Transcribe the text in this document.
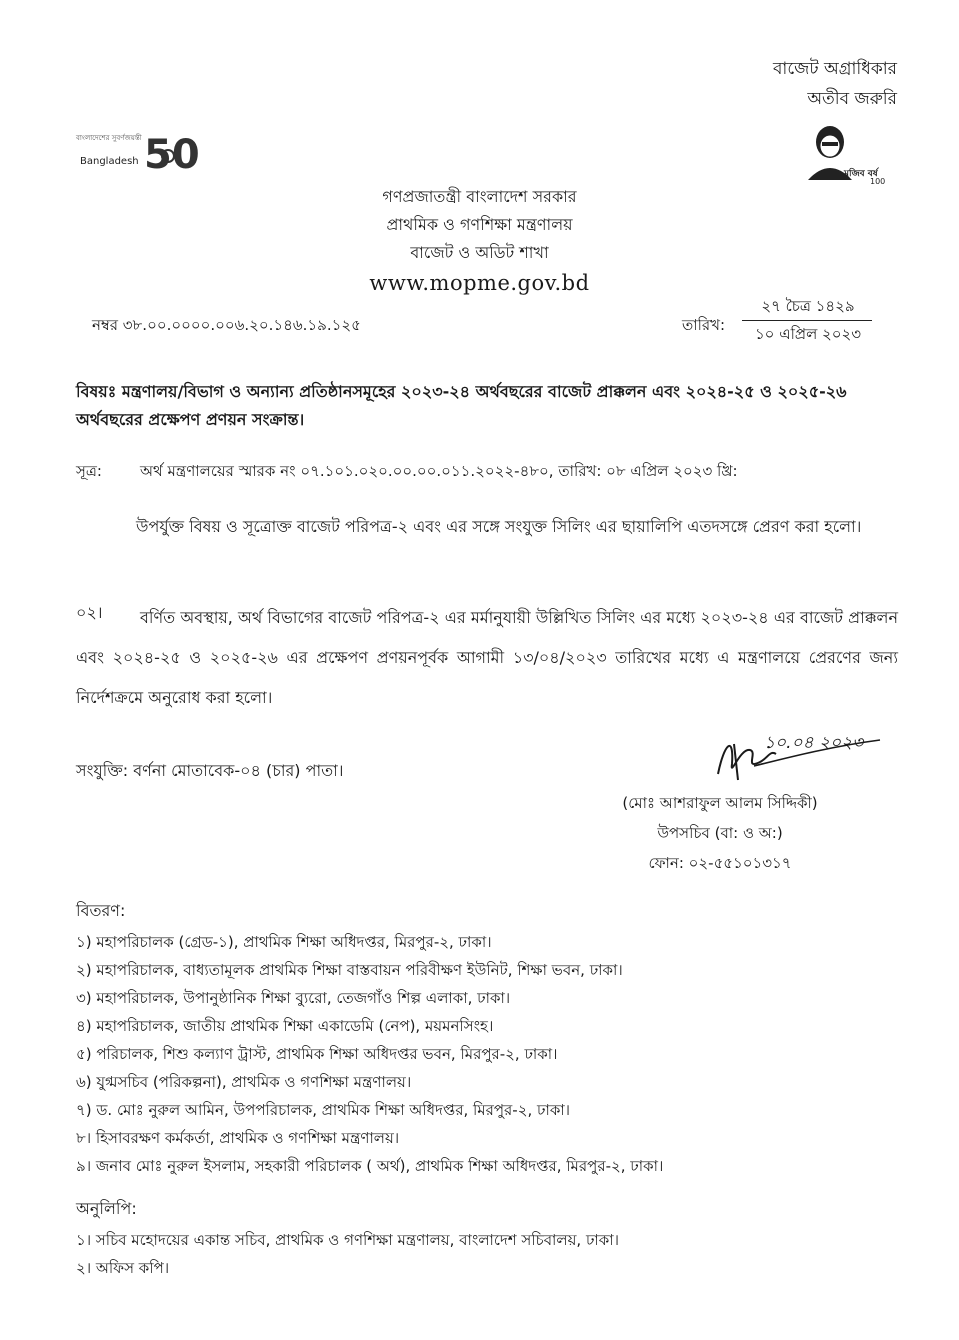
বাজেট অগ্রাধিকার
অতীব জরুরি
বাংলাদেশের সুবর্ণজয়ন্তী
Bangladesh 50	মুজিব বর্ষ
100
গণপ্রজাতন্ত্রী বাংলাদেশ সরকার
প্রাথমিক ও গণশিক্ষা মন্ত্রণালয়
বাজেট ও অডিট শাখা
www.mopme.gov.bd
নম্বর ৩৮.০০.০০০০.০০৬.২০.১৪৬.১৯.১২৫	তারিখ:
২৭ চৈত্র ১৪২৯
১০ এপ্রিল ২০২৩
বিষয়ঃ মন্ত্রণালয়/বিভাগ ও অন্যান্য প্রতিষ্ঠানসমূহের ২০২৩-২৪ অর্থবছরের বাজেট প্রাক্কলন এবং ২০২৪-২৫ ও ২০২৫-২৬ অর্থবছরের প্রক্ষেপণ প্রণয়ন সংক্রান্ত।
সূত্র:	অর্থ মন্ত্রণালয়ের স্মারক নং ০৭.১০১.০২০.০০.০০.০১১.২০২২-৪৮০, তারিখ: ০৮ এপ্রিল ২০২৩ খ্রি:
উপর্যুক্ত বিষয় ও সূত্রোক্ত বাজেট পরিপত্র-২ এবং এর সঙ্গে সংযুক্ত সিলিং এর ছায়ালিপি এতদসঙ্গে প্রেরণ করা হলো।
০২।	বর্ণিত অবস্থায়, অর্থ বিভাগের বাজেট পরিপত্র-২ এর মর্মানুযায়ী উল্লিখিত সিলিং এর মধ্যে ২০২৩-২৪ এর বাজেট প্রাক্কলন এবং ২০২৪-২৫ ও ২০২৫-২৬ এর প্রক্ষেপণ প্রণয়নপূর্বক আগামী ১৩/০৪/২০২৩ তারিখের মধ্যে এ মন্ত্রণালয়ে প্রেরণের জন্য নির্দেশক্রমে অনুরোধ করা হলো।
সংযুক্তি: বর্ণনা মোতাবেক-০৪ (চার) পাতা।
১০.০৪ ২০২৩
(মোঃ আশরাফুল আলম সিদ্দিকী)
উপসচিব (বা: ও অ:)
ফোন: ০২-৫৫১০১৩১৭
বিতরণ:
১) মহাপরিচালক (গ্রেড-১), প্রাথমিক শিক্ষা অধিদপ্তর, মিরপুর-২, ঢাকা।
২) মহাপরিচালক, বাধ্যতামূলক প্রাথমিক শিক্ষা বাস্তবায়ন পরিবীক্ষণ ইউনিট, শিক্ষা ভবন, ঢাকা।
৩) মহাপরিচালক, উপানুষ্ঠানিক শিক্ষা ব্যুরো, তেজগাঁও শিল্প এলাকা, ঢাকা।
৪) মহাপরিচালক, জাতীয় প্রাথমিক শিক্ষা একাডেমি (নেপ), ময়মনসিংহ।
৫) পরিচালক, শিশু কল্যাণ ট্রাস্ট, প্রাথমিক শিক্ষা অধিদপ্তর ভবন, মিরপুর-২, ঢাকা।
৬) যুগ্মসচিব (পরিকল্পনা), প্রাথমিক ও গণশিক্ষা মন্ত্রণালয়।
৭) ড. মোঃ নুরুল আমিন, উপপরিচালক, প্রাথমিক শিক্ষা অধিদপ্তর, মিরপুর-২, ঢাকা।
৮। হিসাবরক্ষণ কর্মকর্তা, প্রাথমিক ও গণশিক্ষা মন্ত্রণালয়।
৯। জনাব মোঃ নুরুল ইসলাম, সহকারী পরিচালক ( অর্থ), প্রাথমিক শিক্ষা অধিদপ্তর, মিরপুর-২, ঢাকা।
অনুলিপি:
১। সচিব মহোদয়ের একান্ত সচিব, প্রাথমিক ও গণশিক্ষা মন্ত্রণালয়, বাংলাদেশ সচিবালয়, ঢাকা।
২। অফিস কপি।
